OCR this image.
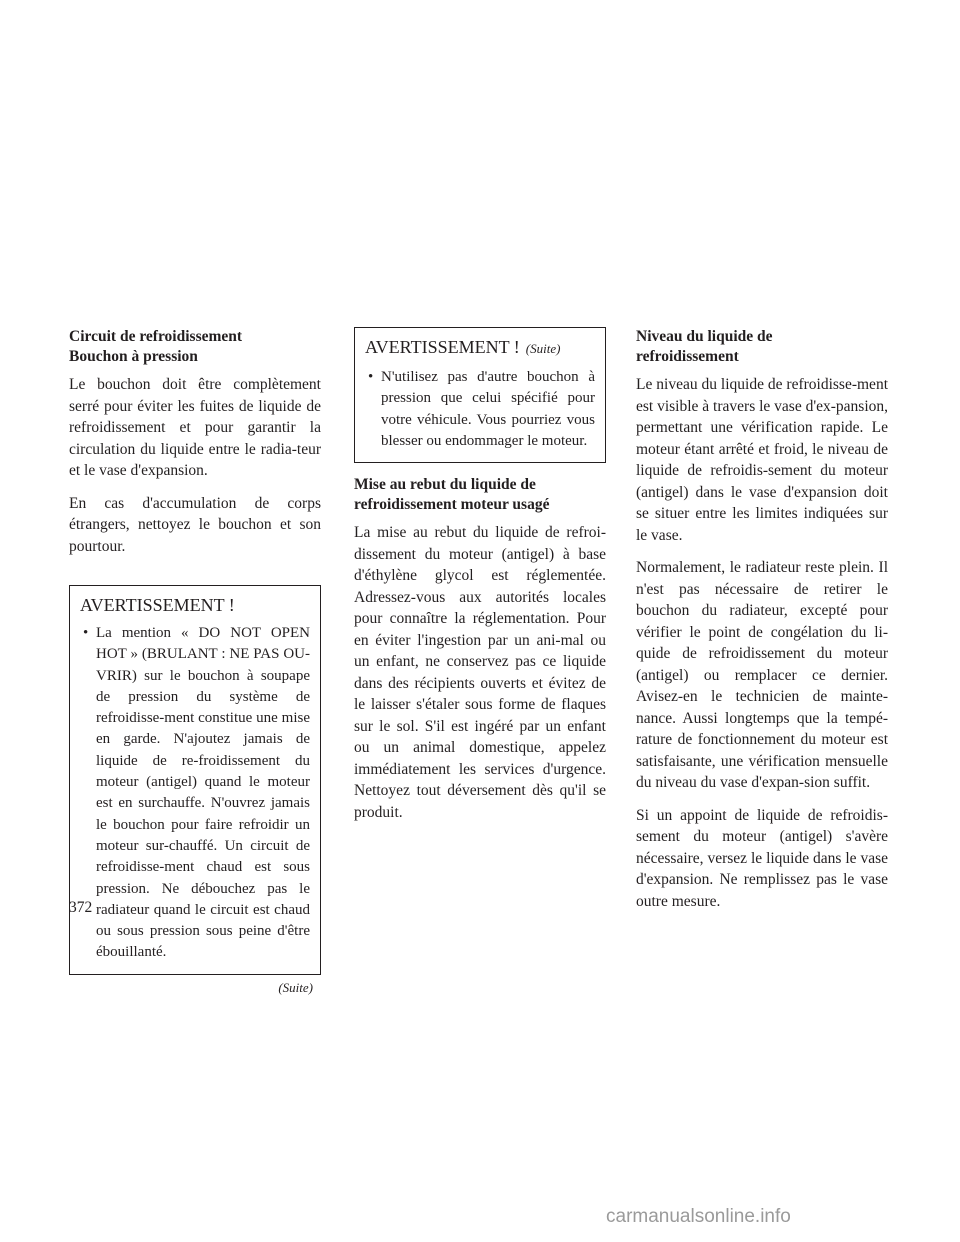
Circuit de refroidissement
Bouchon à pression

Le bouchon doit être complètement serré pour éviter les fuites de liquide de refroidissement et pour garantir la circulation du liquide entre le radia-teur et le vase d'expansion.

En cas d'accumulation de corps étrangers, nettoyez le bouchon et son pourtour.

AVERTISSEMENT !
• La mention « DO NOT OPEN HOT » (BRULANT : NE PAS OU-VRIR) sur le bouchon à soupape de pression du système de refroidisse-ment constitue une mise en garde. N'ajoutez jamais de liquide de re-froidissement du moteur (antigel) quand le moteur est en surchauffe. N'ouvrez jamais le bouchon pour faire refroidir un moteur sur-chauffé. Un circuit de refroidisse-ment chaud est sous pression. Ne débouchez pas le radiateur quand le circuit est chaud ou sous pression sous peine d'être ébouillanté.
(Suite)
AVERTISSEMENT ! (Suite)
• N'utilisez pas d'autre bouchon à pression que celui spécifié pour votre véhicule. Vous pourriez vous blesser ou endommager le moteur.
Mise au rebut du liquide de
refroidissement moteur usagé

La mise au rebut du liquide de refroi-dissement du moteur (antigel) à base d'éthylène glycol est réglementée. Adressez-vous aux autorités locales pour connaître la réglementation. Pour en éviter l'ingestion par un ani-mal ou un enfant, ne conservez pas ce liquide dans des récipients ouverts et évitez de le laisser s'étaler sous forme de flaques sur le sol. S'il est ingéré par un enfant ou un animal domestique, appelez immédiatement les services d'urgence. Nettoyez tout déversement dès qu'il se produit.

Niveau du liquide de
refroidissement

Le niveau du liquide de refroidisse-ment est visible à travers le vase d'ex-pansion, permettant une vérification rapide. Le moteur étant arrêté et froid, le niveau de liquide de refroidis-sement du moteur (antigel) dans le vase d'expansion doit se situer entre les limites indiquées sur le vase.

Normalement, le radiateur reste plein. Il n'est pas nécessaire de retirer le bouchon du radiateur, excepté pour vérifier le point de congélation du li-quide de refroidissement du moteur (antigel) ou remplacer ce dernier. Avisez-en le technicien de mainte-nance. Aussi longtemps que la tempé-rature de fonctionnement du moteur est satisfaisante, une vérification mensuelle du niveau du vase d'expan-sion suffit.

Si un appoint de liquide de refroidis-sement du moteur (antigel) s'avère nécessaire, versez le liquide dans le vase d'expansion. Ne remplissez pas le vase outre mesure.

372
carmanualsonline.info
